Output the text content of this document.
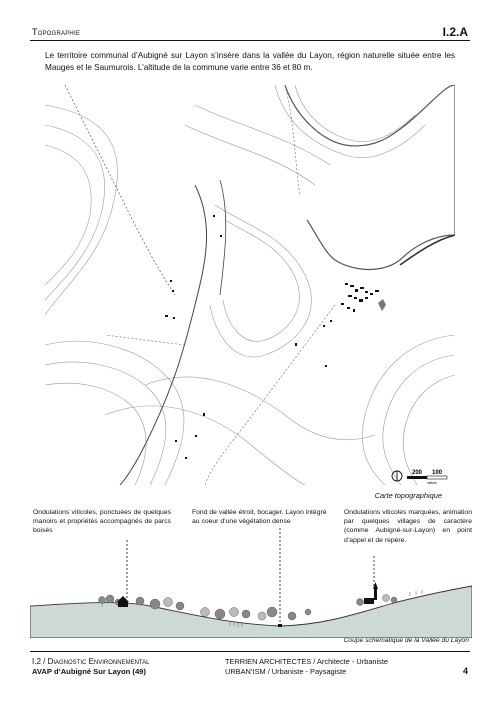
Topographie	I.2.A
Le territoire communal d’Aubigné sur Layon s’insère dans la vallée du Layon, région naturelle située entre les Mauges et le Saumurois. L’altitude de la commune varie entre 36 et 80 m.
200 100
mètres
Carte topographique
Ondulations viticoles, ponctuées de quelques manoirs et propriétés accompagnés de parcs boisés
Fond de vallée étroit, bocager. Layon intégré au coeur d’une végétation dense
Ondulations viticoles marquées, animation par quelques villages de caractère (comme Aubigné-sur-Layon) en point d’appel et de repère.
Coupe schématique de la Vallée du Layon
I.2 / Diagnostic Environnemental
AVAP d’Aubigné Sur Layon (49)
TERRIEN ARCHITECTES / Architecte - Urbaniste
URBAN’ISM / Urbaniste - Paysagiste	4
